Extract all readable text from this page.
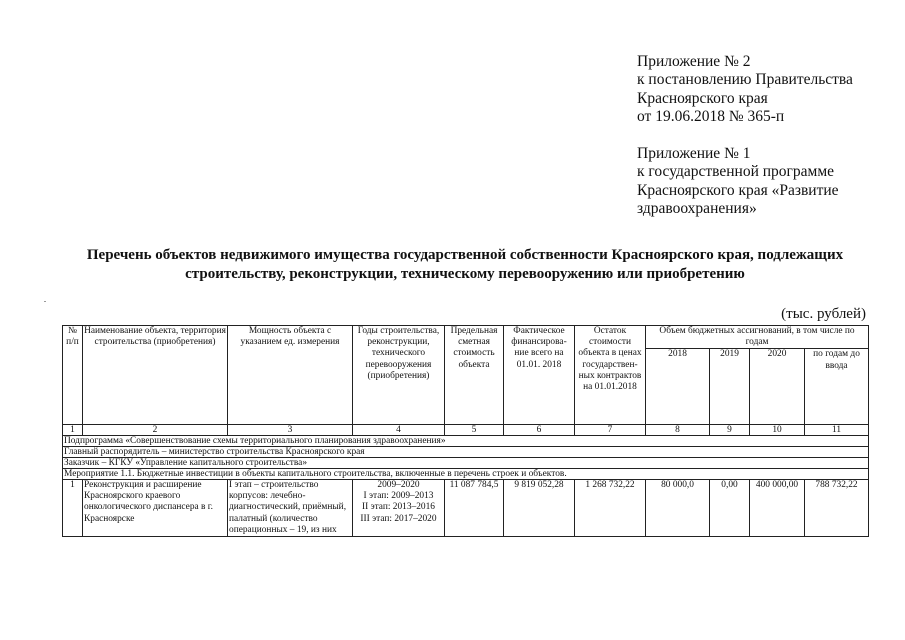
Приложение № 2
к постановлению Правительства
Красноярского края
от 19.06.2018 № 365-п
Приложение № 1
к государственной программе
Красноярского края «Развитие
здравоохранения»
Перечень объектов недвижимого имущества государственной собственности Красноярского края, подлежащих
строительству, реконструкции, техническому перевооружению или приобретению
(тыс. рублей)
№ п/п	Наименование объекта, территория строительства (приобретения)	Мощность объекта с указанием ед. измерения	Годы строительства, реконструкции, технического перевооружения (приобретения)	Предельная сметная стоимость объекта	Фактическое финансирова-ние всего на 01.01. 2018	Остаток стоимости объекта в ценах государствен-ных контрактов на 01.01.2018	Объем бюджетных ассигнований, в том числе по годам			
							2018	2019	2020	по годам до ввода
1	2	3	4	5	6	7	8	9	10	11
Подпрограмма «Совершенствование схемы территориального планирования здравоохранения»										
Главный распорядитель – министерство строительства Красноярского края										
Заказчик – КГКУ «Управление капитального строительства»										
Мероприятие 1.1. Бюджетные инвестиции в объекты капитального строительства, включенные в перечень строек и объектов.										
1	Реконструкция и расширение Красноярского краевого онкологического диспансера в г. Красноярске	I этап – строительство корпусов: лечебно-диагностический, приёмный, палатный (количество операционных – 19, из них	2009–2020
I этап: 2009–2013
II этап: 2013–2016
III этап: 2017–2020	11 087 784,5	9 819 052,28	1 268 732,22	80 000,0	0,00	400 000,00	788 732,22
